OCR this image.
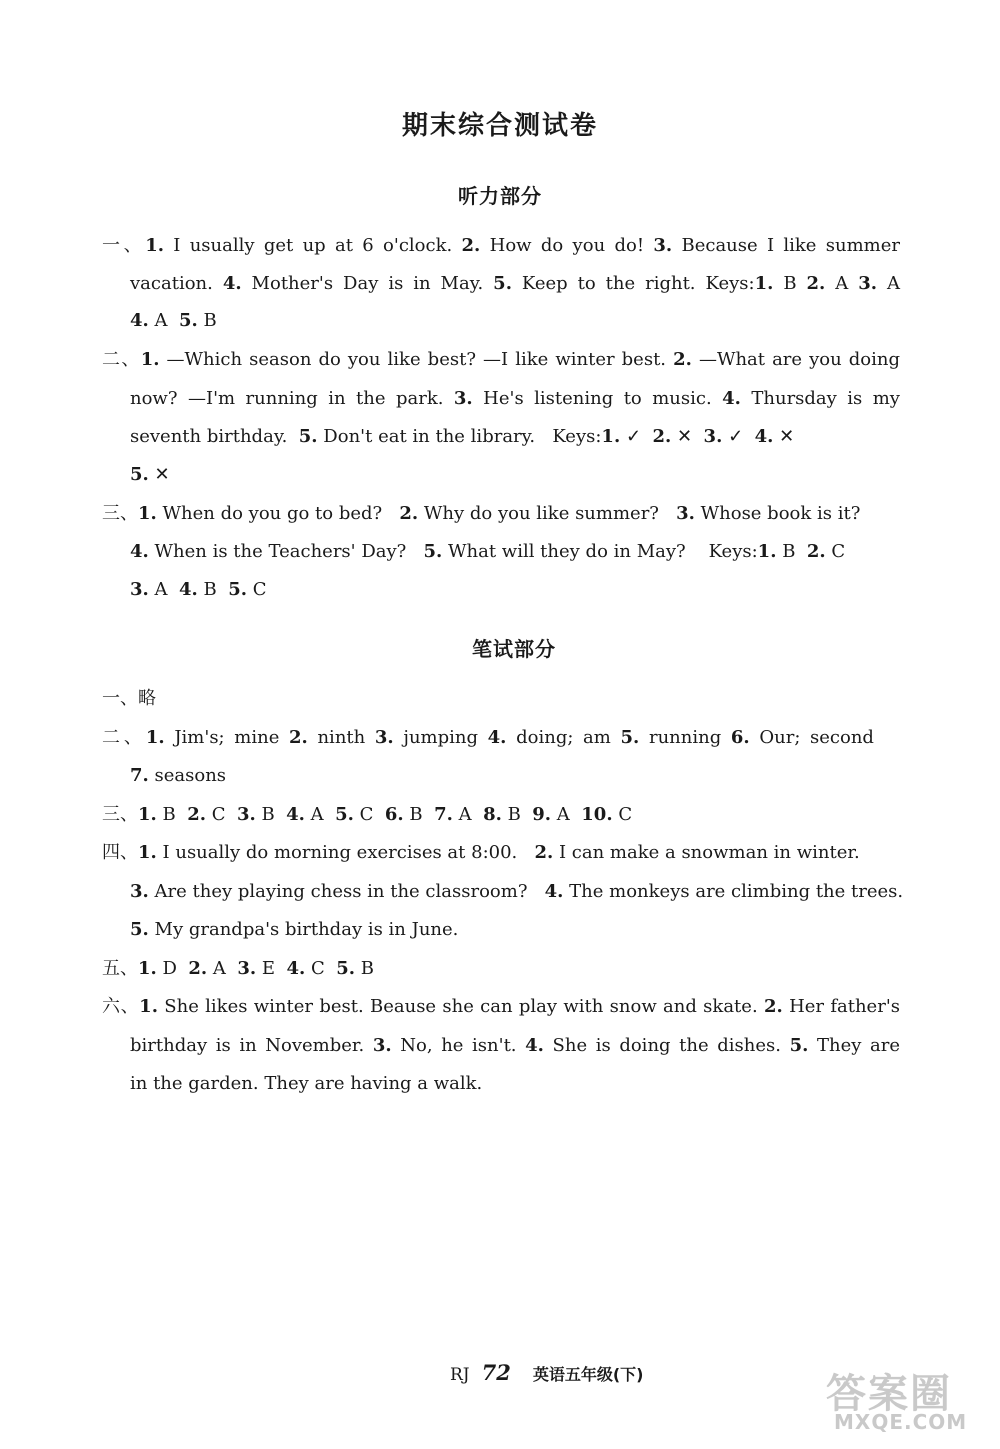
期末综合测试卷
听力部分
一、1. I usually get up at 6 o'clock. 2. How do you do! 3. Because I like summer
vacation. 4. Mother's Day is in May. 5. Keep to the right. Keys:1. B 2. A 3. A
4. A 5. B
二、1. —Which season do you like best? —I like winter best. 2. —What are you doing
now? —I'm running in the park. 3. He's listening to music. 4. Thursday is my
seventh birthday. 5. Don't eat in the library.   Keys:1. ✓ 2. ✕ 3. ✓ 4. ✕
5. ✕
三、1. When do you go to bed? 2. Why do you like summer? 3. Whose book is it?
4. When is the Teachers' Day? 5. What will they do in May?    Keys:1. B 2. C
3. A 4. B 5. C
笔试部分
一、略
二、1. Jim's; mine 2. ninth 3. jumping 4. doing; am 5. running 6. Our; second
7. seasons
三、1. B 2. C 3. B 4. A 5. C 6. B 7. A 8. B 9. A 10. C
四、1. I usually do morning exercises at 8:00. 2. I can make a snowman in winter.
3. Are they playing chess in the classroom? 4. The monkeys are climbing the trees.
5. My grandpa's birthday is in June.
五、1. D 2. A 3. E 4. C 5. B
六、1. She likes winter best. Beause she can play with snow and skate. 2. Her father's
birthday is in November. 3. No, he isn't. 4. She is doing the dishes. 5. They are
in the garden. They are having a walk.
RJ 72 英语五年级(下)	答案圈
MXQE.COM
